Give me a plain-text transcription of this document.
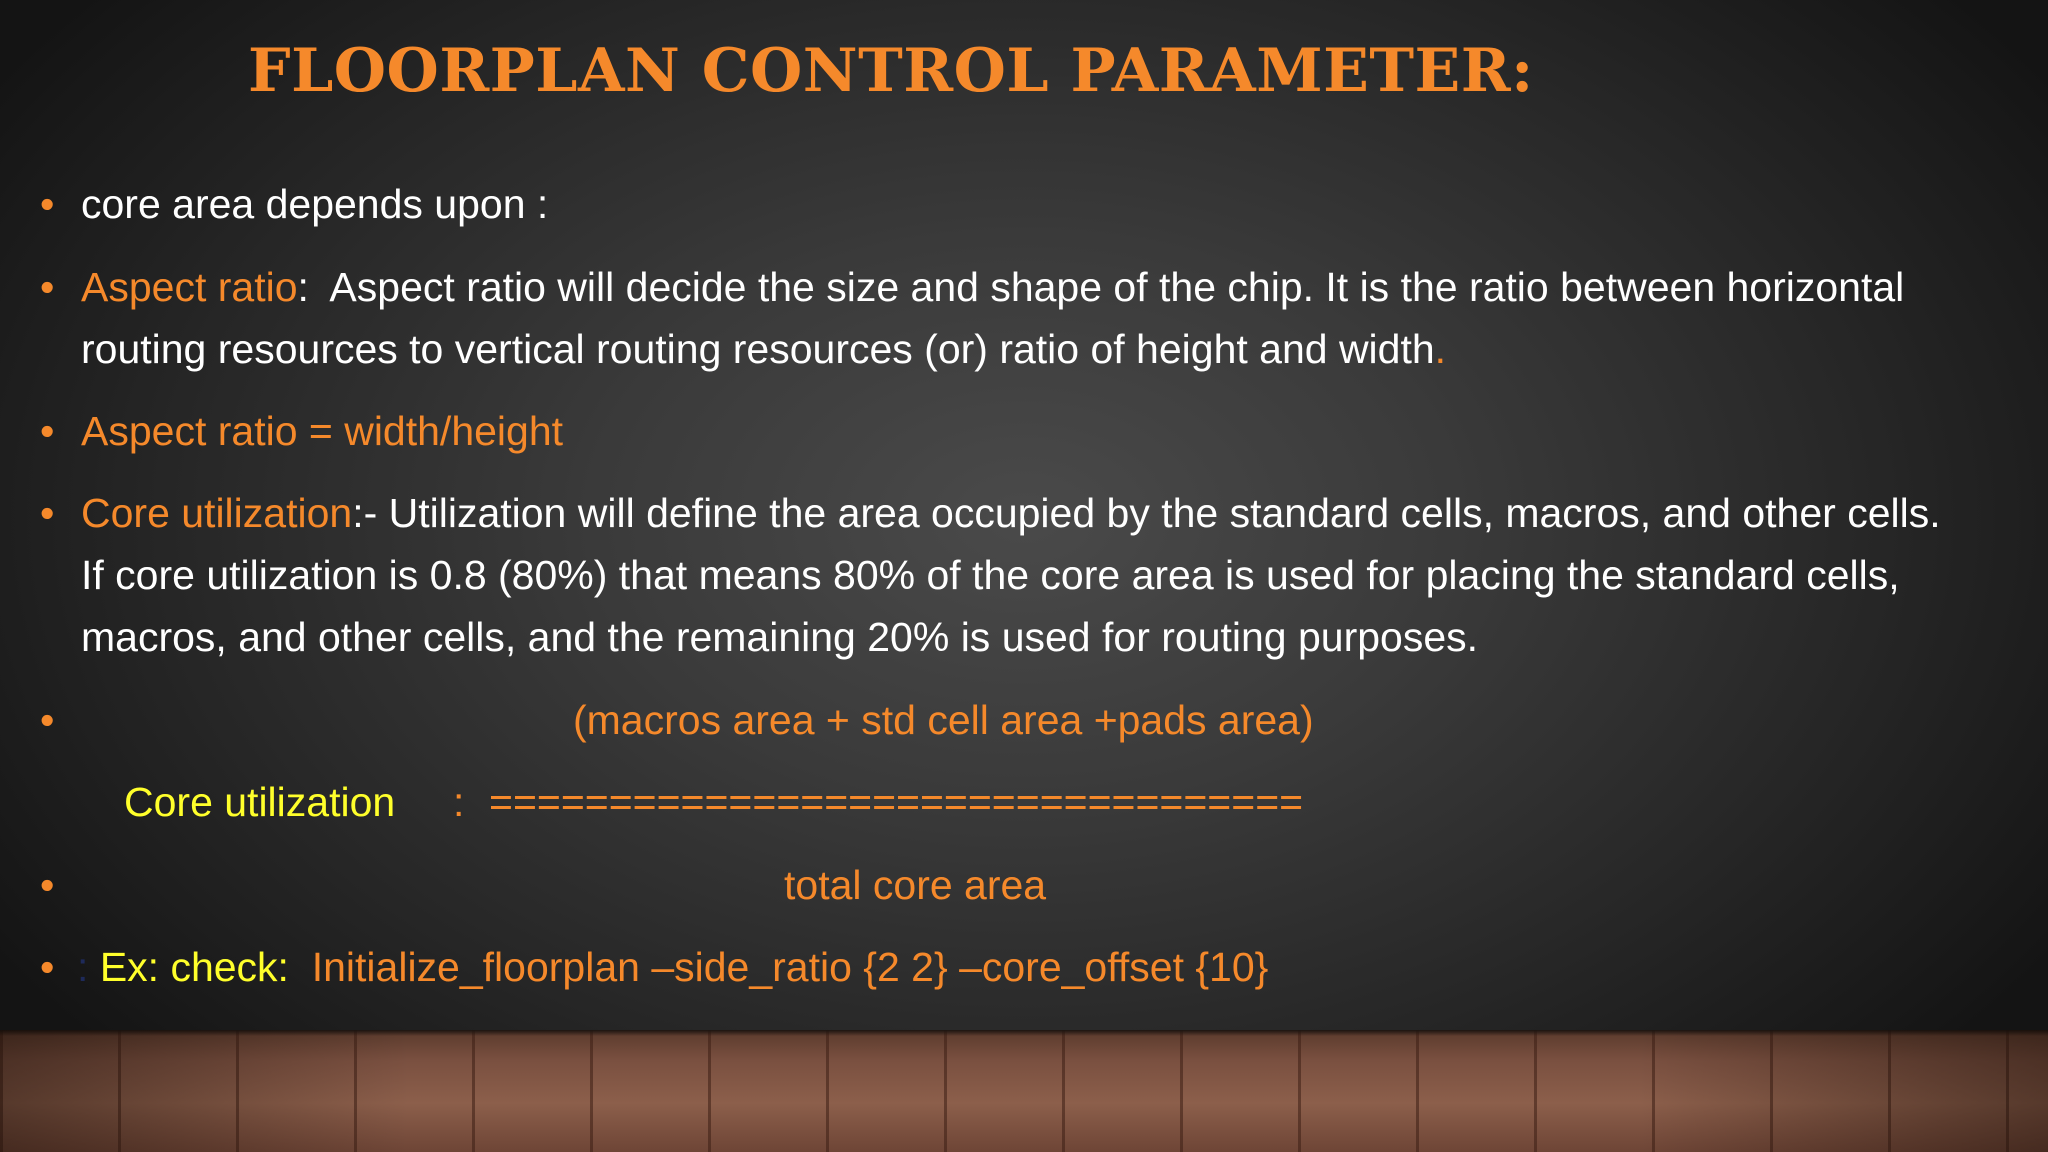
FLOORPLAN CONTROL PARAMETER:
• core area depends upon :
• Aspect ratio:  Aspect ratio will decide the size and shape of the chip. It is the ratio between horizontal
routing resources to vertical routing resources (or) ratio of height and width.
• Aspect ratio = width/height
• Core utilization:- Utilization will define the area occupied by the standard cells, macros, and other cells.
If core utilization is 0.8 (80%) that means 80% of the core area is used for placing the standard cells,
macros, and other cells, and the remaining 20% is used for routing purposes.
•	(macros area + std cell area +pads area)
Core utilization : ==================================
•	total core area
• : Ex: check: Initialize_floorplan –side_ratio {2 2} –core_offset {10}
